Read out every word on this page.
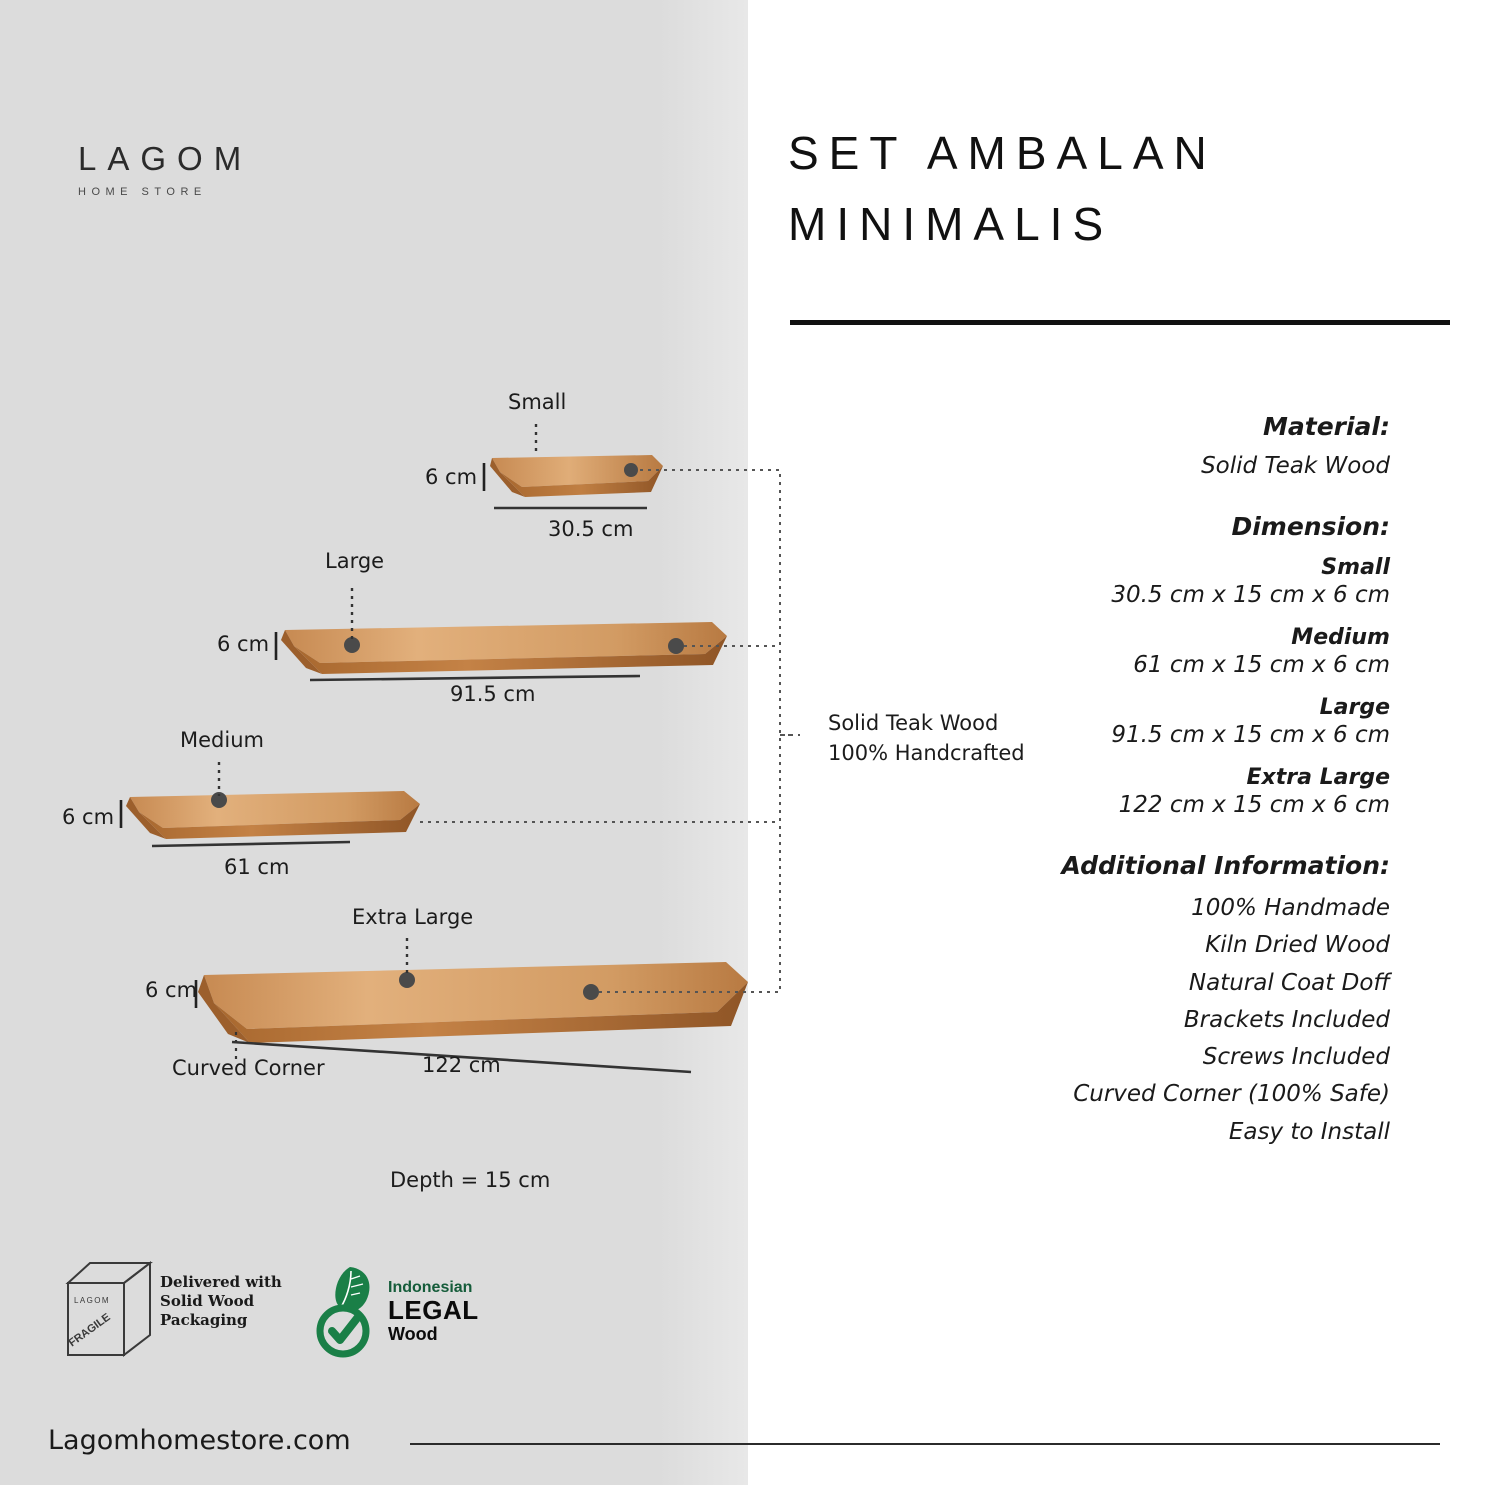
LAGOM
HOME STORE
SET AMBALAN
MINIMALIS
Material:
Solid Teak Wood
Dimension:
Small
30.5 cm x 15 cm x 6 cm
Medium
61 cm x 15 cm x 6 cm
Large
91.5 cm x 15 cm x 6 cm
Extra Large
122 cm x 15 cm x 6 cm
Additional Information:
100% Handmade
Kiln Dried Wood
Natural Coat Doff
Brackets Included
Screws Included
Curved Corner (100% Safe)
Easy to Install
Small
6 cm
30.5 cm
Large
6 cm
91.5 cm
Medium
6 cm
61 cm
Extra Large
6 cm
122 cm
Curved Corner
Solid Teak Wood
100% Handcrafted
Depth = 15 cm
LAGOM
FRAGILE
Delivered with
Solid Wood
Packaging
Indonesian
LEGAL
Wood
Lagomhomestore.com
